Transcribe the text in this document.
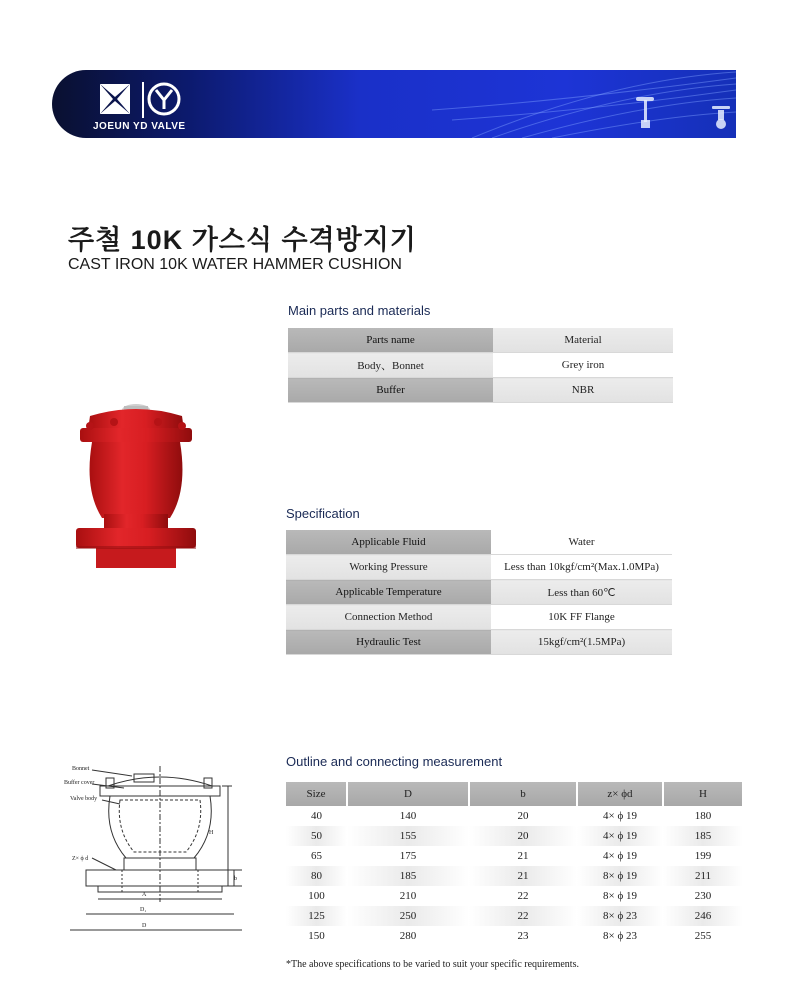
JOEUN YD VALVE
주철 10K 가스식 수격방지기
CAST IRON 10K WATER HAMMER CUSHION
Main parts and materials
Parts name	Material
Body、Bonnet	Grey iron
Buffer	NBR
Specification
Applicable Fluid	Water
Working Pressure	Less than 10kgf/cm²(Max.1.0MPa)
Applicable Temperature	Less than 60℃
Connection Method	10K FF Flange
Hydraulic Test	15kgf/cm²(1.5MPa)
Bonnet
Buffer cover
Valve body
Z× ϕ d
H
b
A
D₁
D
Outline and connecting measurement
Size	D	b	z× ϕd	H
40	140	20	4× ϕ 19	180
50	155	20	4× ϕ 19	185
65	175	21	4× ϕ 19	199
80	185	21	8× ϕ 19	211
100	210	22	8× ϕ 19	230
125	250	22	8× ϕ 23	246
150	280	23	8× ϕ 23	255
*The above specifications to be varied to suit your specific requirements.
